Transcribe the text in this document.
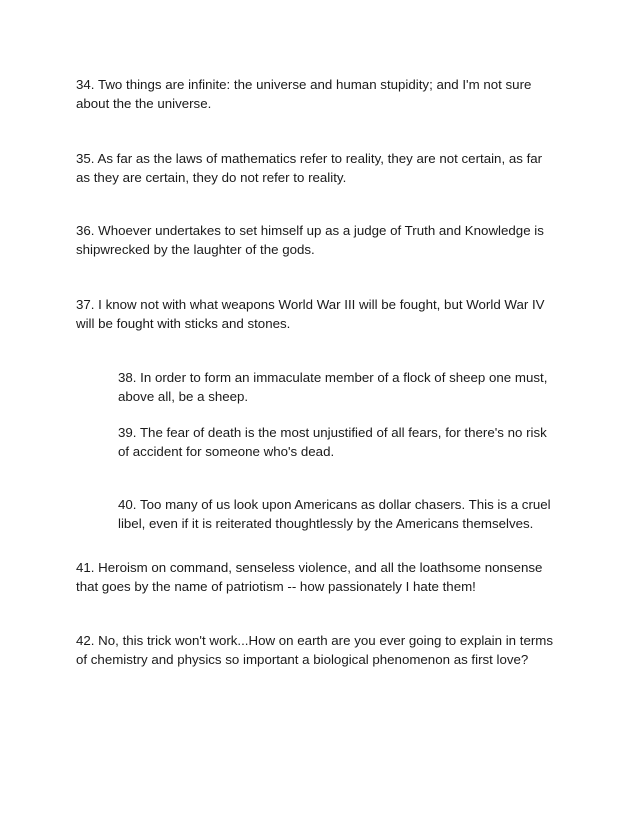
34. Two things are infinite: the universe and human stupidity; and I'm not sure about the the universe.

35. As far as the laws of mathematics refer to reality, they are not certain, as far as they are certain, they do not refer to reality.

36. Whoever undertakes to set himself up as a judge of Truth and Knowledge is shipwrecked by the laughter of the gods.

37. I know not with what weapons World War III will be fought, but World War IV will be fought with sticks and stones.

38. In order to form an immaculate member of a flock of sheep one must, above all, be a sheep.

39. The fear of death is the most unjustified of all fears, for there's no risk of accident for someone who's dead.

40. Too many of us look upon Americans as dollar chasers. This is a cruel libel, even if it is reiterated thoughtlessly by the Americans themselves.

41. Heroism on command, senseless violence, and all the loathsome nonsense that goes by the name of patriotism -- how passionately I hate them!

42. No, this trick won't work...How on earth are you ever going to explain in terms of chemistry and physics so important a biological phenomenon as first love?
